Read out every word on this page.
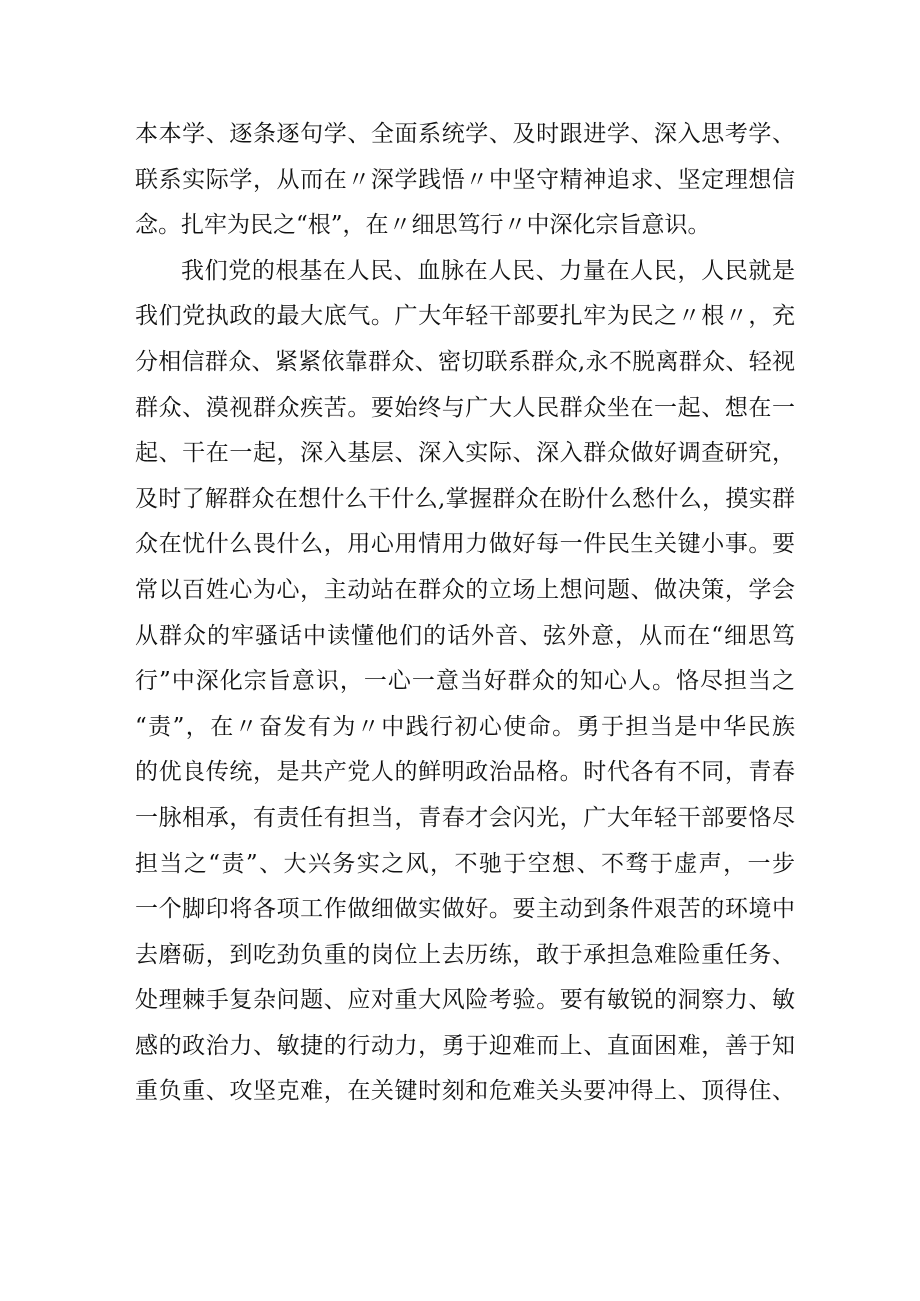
本本学、逐条逐句学、全面系统学、及时跟进学、深入思考学、
联系实际学，从而在〃深学践悟〃中坚守精神追求、坚定理想信
念。扎牢为民之“根”，在〃细思笃行〃中深化宗旨意识。
我们党的根基在人民、血脉在人民、力量在人民，人民就是
我们党执政的最大底气。广大年轻干部要扎牢为民之〃根〃，充
分相信群众、紧紧依靠群众、密切联系群众,永不脱离群众、轻视
群众、漠视群众疾苦。要始终与广大人民群众坐在一起、想在一
起、干在一起，深入基层、深入实际、深入群众做好调查研究，
及时了解群众在想什么干什么,掌握群众在盼什么愁什么，摸实群
众在忧什么畏什么，用心用情用力做好每一件民生关键小事。要
常以百姓心为心，主动站在群众的立场上想问题、做决策，学会
从群众的牢骚话中读懂他们的话外音、弦外意，从而在“细思笃
行”中深化宗旨意识，一心一意当好群众的知心人。恪尽担当之
“责”，在〃奋发有为〃中践行初心使命。勇于担当是中华民族
的优良传统，是共产党人的鲜明政治品格。时代各有不同，青春
一脉相承，有责任有担当，青春才会闪光，广大年轻干部要恪尽
担当之“责”、大兴务实之风，不驰于空想、不骛于虚声，一步
一个脚印将各项工作做细做实做好。要主动到条件艰苦的环境中
去磨砺，到吃劲负重的岗位上去历练，敢于承担急难险重任务、
处理棘手复杂问题、应对重大风险考验。要有敏锐的洞察力、敏
感的政治力、敏捷的行动力，勇于迎难而上、直面困难，善于知
重负重、攻坚克难，在关键时刻和危难关头要冲得上、顶得住、
